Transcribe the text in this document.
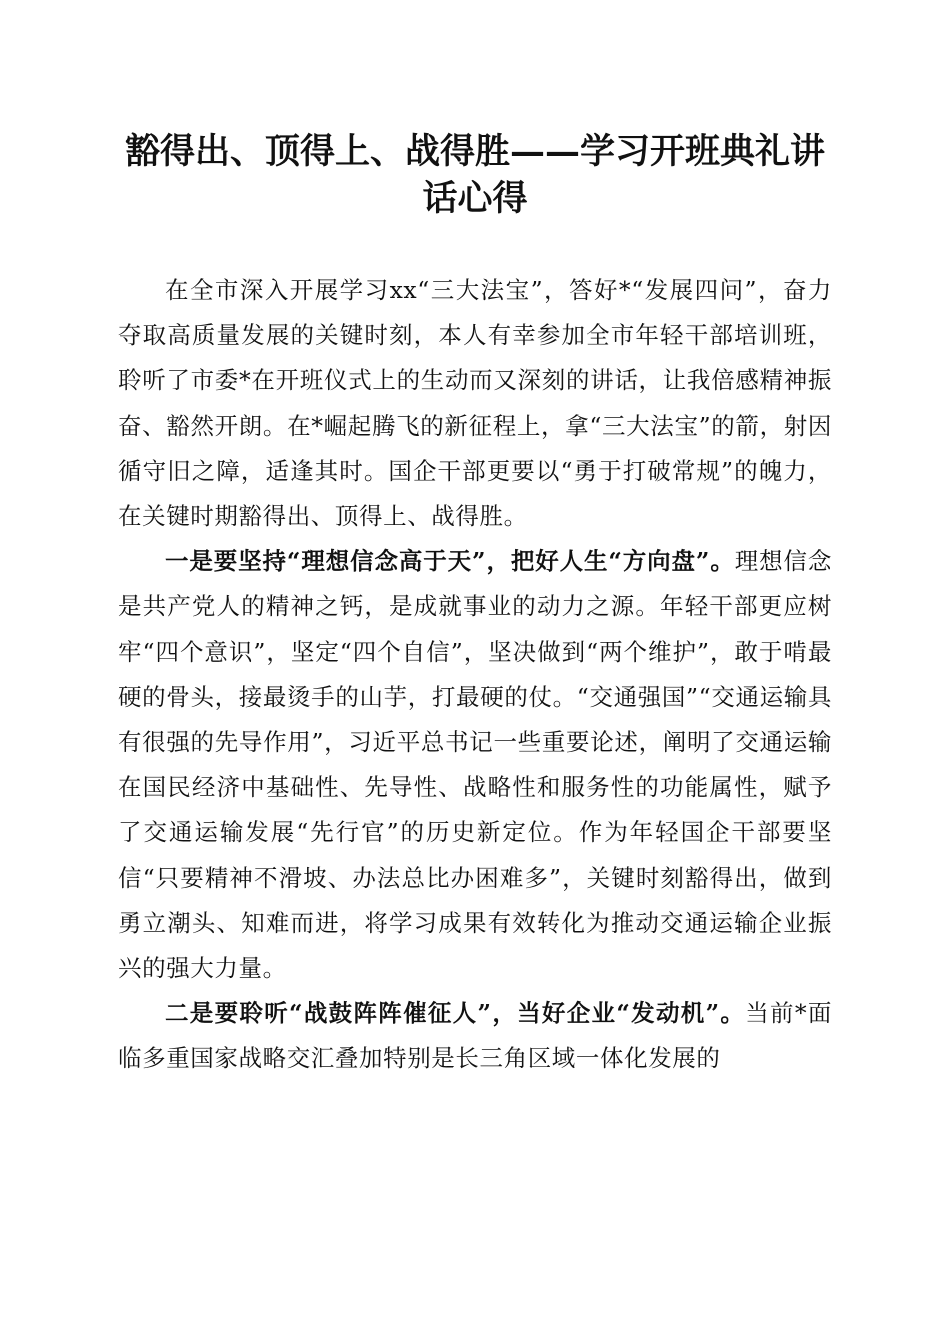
豁得出、顶得上、战得胜——学习开班典礼讲话心得

在全市深入开展学习xx“三大法宝”，答好*“发展四问”，奋力夺取高质量发展的关键时刻，本人有幸参加全市年轻干部培训班，聆听了市委*在开班仪式上的生动而又深刻的讲话，让我倍感精神振奋、豁然开朗。在*崛起腾飞的新征程上，拿“三大法宝”的箭，射因循守旧之障，适逢其时。国企干部更要以“勇于打破常规”的魄力，在关键时期豁得出、顶得上、战得胜。

一是要坚持“理想信念高于天”，把好人生“方向盘”。理想信念是共产党人的精神之钙，是成就事业的动力之源。年轻干部更应树牢“四个意识”，坚定“四个自信”，坚决做到“两个维护”，敢于啃最硬的骨头，接最烫手的山芋，打最硬的仗。“交通强国”“交通运输具有很强的先导作用”，习近平总书记一些重要论述，阐明了交通运输在国民经济中基础性、先导性、战略性和服务性的功能属性，赋予了交通运输发展“先行官”的历史新定位。作为年轻国企干部要坚信“只要精神不滑坡、办法总比办困难多”，关键时刻豁得出，做到勇立潮头、知难而进，将学习成果有效转化为推动交通运输企业振兴的强大力量。

二是要聆听“战鼓阵阵催征人”，当好企业“发动机”。当前*面临多重国家战略交汇叠加特别是长三角区域一体化发展的
